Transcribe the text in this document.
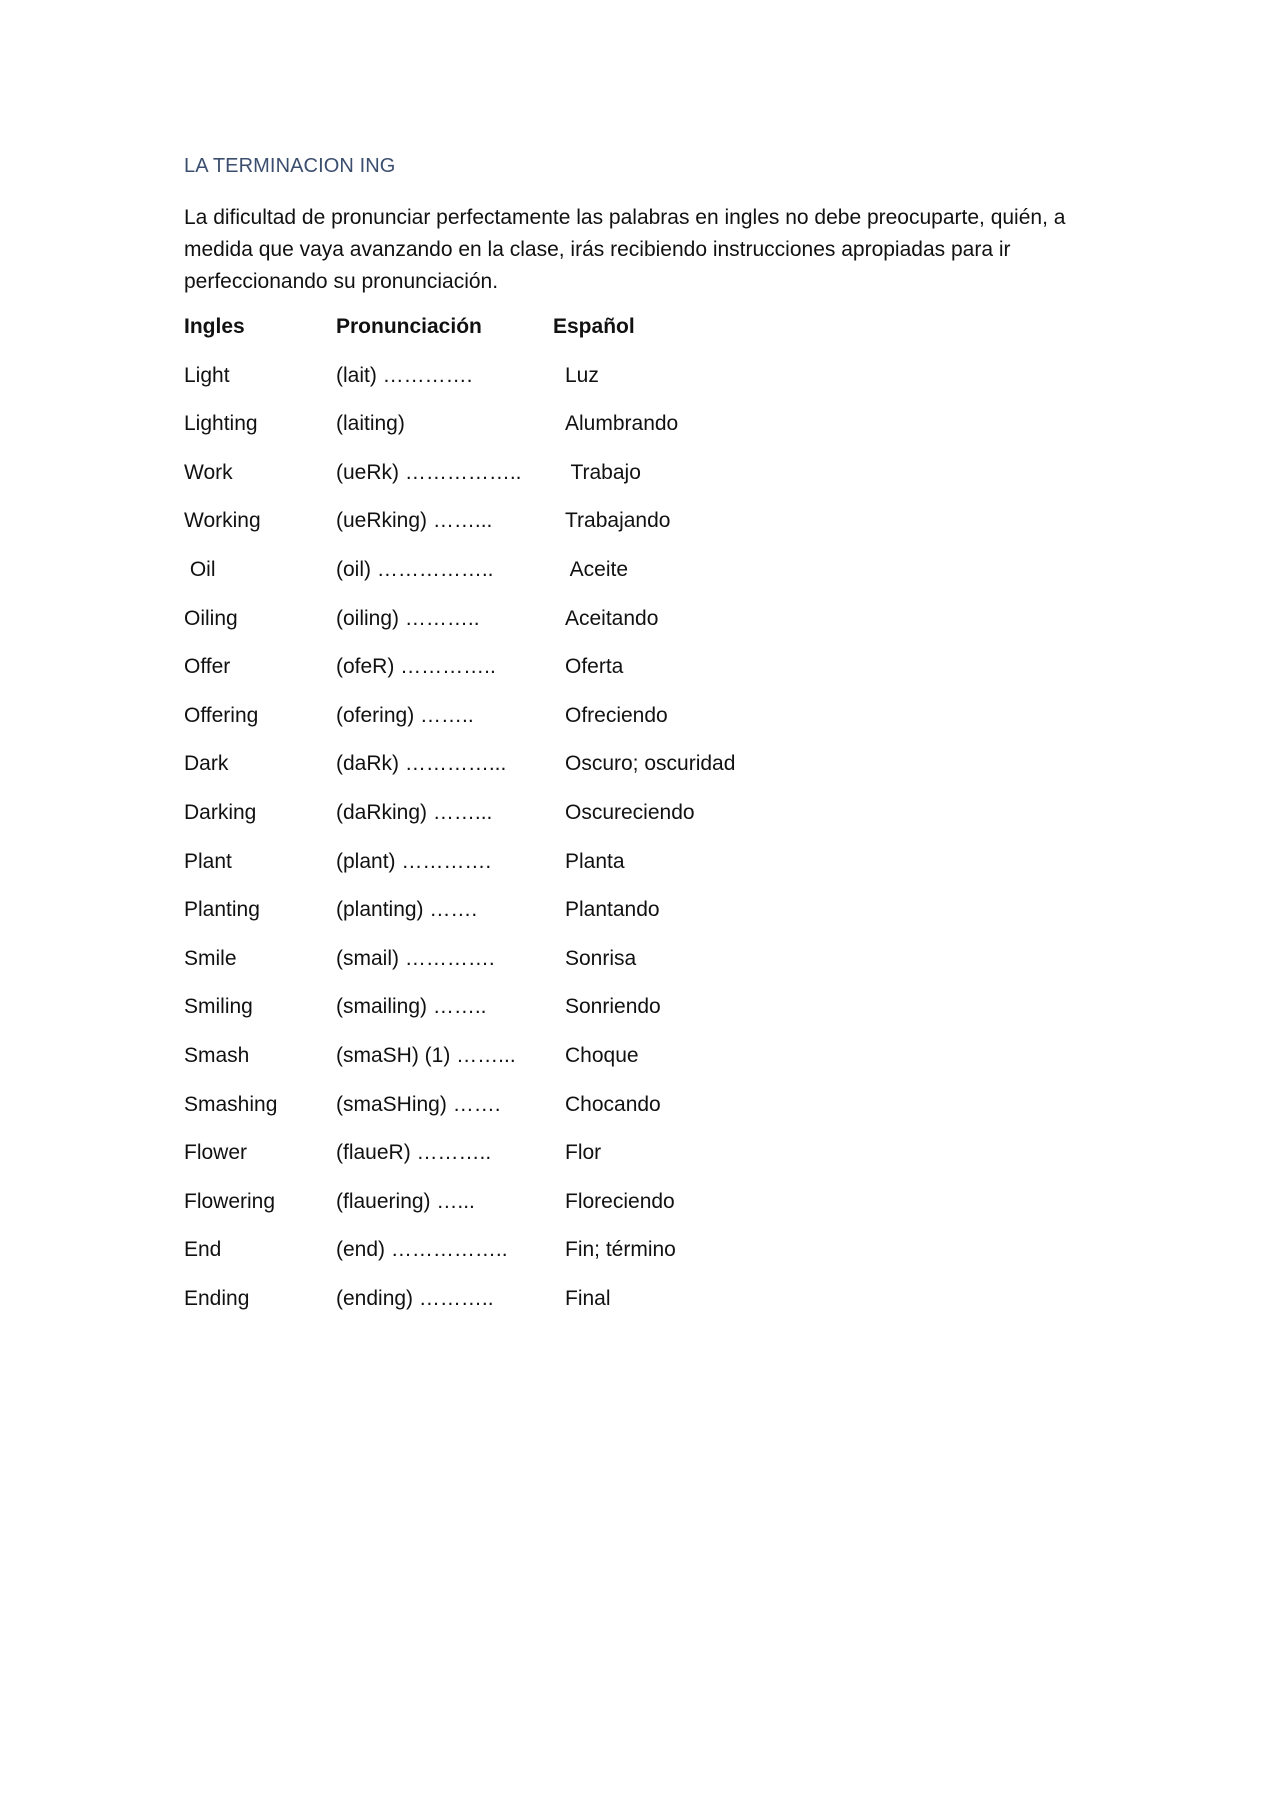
LA TERMINACION ING
La dificultad de pronunciar perfectamente las palabras en ingles no debe preocuparte, quién, a medida que vaya avanzando en la clase, irás recibiendo instrucciones apropiadas para ir perfeccionando su pronunciación.
Ingles	Pronunciación	Español
Light	(lait) ………….	Luz
Lighting	(laiting)	Alumbrando
Work	(ueRk) …………….. Trabajo
Working	(ueRking) ……...	Trabajando
Oil	(oil) ……………..	Aceite
Oiling	(oiling) ………..	Aceitando
Offer	(ofeR) …………..	Oferta
Offering	(ofering) ……..	Ofreciendo
Dark	(daRk) …………...	Oscuro; oscuridad
Darking	(daRking) ……...	Oscureciendo
Plant	(plant) ………….	Planta
Planting	(planting) …….	Plantando
Smile	(smail) ………….	Sonrisa
Smiling	(smailing) ……..	Sonriendo
Smash	(smaSH) (1) ……... Choque
Smashing	(smaSHing) …….	Chocando
Flower	(flaueR) ………..	Flor
Flowering	(flauering) …...	Floreciendo
End	(end) ……………..	Fin; término
Ending	(ending) ………..	Final
